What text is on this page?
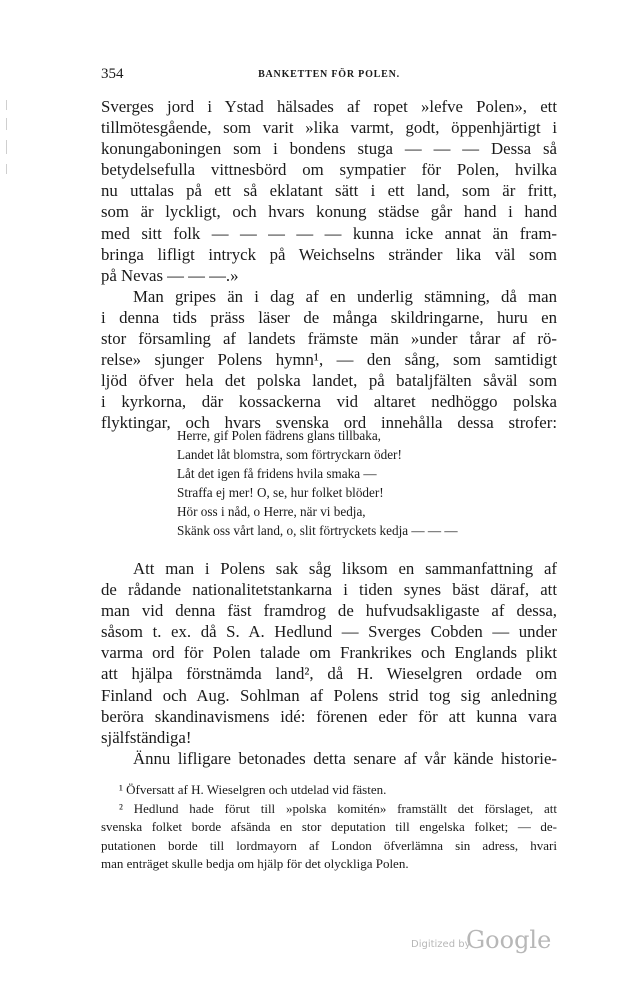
354	BANKETTEN FÖR POLEN.
Sverges jord i Ystad hälsades af ropet »lefve Polen», ett
tillmötesgående, som varit »lika varmt, godt, öppenhjärtigt i
konungaboningen som i bondens stuga — — — Dessa så
betydelsefulla vittnesbörd om sympatier för Polen, hvilka
nu uttalas på ett så eklatant sätt i ett land, som är fritt,
som är lyckligt, och hvars konung städse går hand i hand
med sitt folk — — — — — kunna icke annat än fram-
bringa lifligt intryck på Weichselns stränder lika väl som
på Nevas — — —.»
Man gripes än i dag af en underlig stämning, då man
i denna tids präss läser de många skildringarne, huru en
stor församling af landets främste män »under tårar af rö-
relse» sjunger Polens hymn¹, — den sång, som samtidigt
ljöd öfver hela det polska landet, på bataljfälten såväl som
i kyrkorna, där kossackerna vid altaret nedhöggo polska
flyktingar, och hvars svenska ord innehålla dessa strofer:
Herre, gif Polen fädrens glans tillbaka,
Landet låt blomstra, som förtryckarn öder!
Låt det igen få fridens hvila smaka —
Straffa ej mer! O, se, hur folket blöder!
Hör oss i nåd, o Herre, när vi bedja,
Skänk oss vårt land, o, slit förtryckets kedja — — —
Att man i Polens sak såg liksom en sammanfattning af
de rådande nationalitetstankarna i tiden synes bäst däraf, att
man vid denna fäst framdrog de hufvudsakligaste af dessa,
såsom t. ex. då S. A. Hedlund — Sverges Cobden — under
varma ord för Polen talade om Frankrikes och Englands plikt
att hjälpa förstnämda land², då H. Wieselgren ordade om
Finland och Aug. Sohlman af Polens strid tog sig anledning
beröra skandinavismens idé: förenen eder för att kunna vara
själfständiga!
Ännu lifligare betonades detta senare af vår kände historie-
¹ Öfversatt af H. Wieselgren och utdelad vid fästen.
² Hedlund hade förut till »polska komitén» framställt det förslaget, att
svenska folket borde afsända en stor deputation till engelska folket; — de-
putationen borde till lordmayorn af London öfverlämna sin adress, hvari
man enträget skulle bedja om hjälp för det olyckliga Polen.
Digitized by
Google
